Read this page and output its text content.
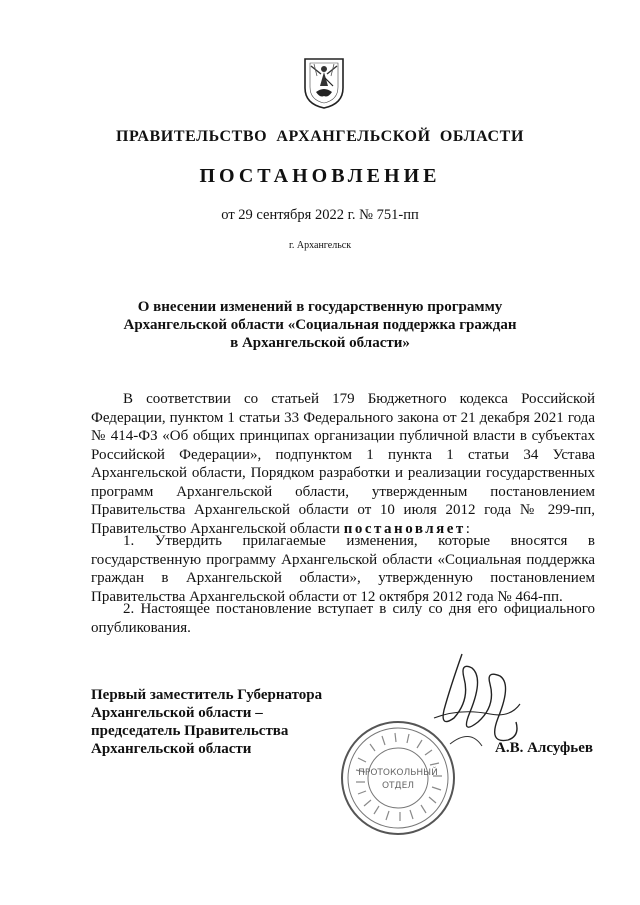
ПРАВИТЕЛЬСТВО  АРХАНГЕЛЬСКОЙ  ОБЛАСТИ
ПОСТАНОВЛЕНИЕ
от 29 сентября 2022 г. № 751-пп
г. Архангельск
О внесении изменений в государственную программу
Архангельской области «Социальная поддержка граждан
в Архангельской области»
В соответствии со статьей 179 Бюджетного кодекса Российской Федерации, пунктом 1 статьи 33 Федерального закона от 21 декабря 2021 года № 414-ФЗ «Об общих принципах организации публичной власти в субъектах Российской Федерации», подпунктом 1 пункта 1 статьи 34 Устава Архангельской области, Порядком разработки и реализации государственных программ Архангельской области, утвержденным постановлением Правительства Архангельской области от 10 июля 2012 года № 299-пп, Правительство Архангельской области постановляет:
1. Утвердить прилагаемые изменения, которые вносятся в государственную программу Архангельской области «Социальная поддержка граждан в Архангельской области», утвержденную постановлением Правительства Архангельской области от 12 октября 2012 года № 464-пп.
2. Настоящее постановление вступает в силу со дня его официального опубликования.
Первый заместитель Губернатора
Архангельской области –
председатель Правительства
Архангельской области
ПРОТОКОЛЬНЫЙ
ОТДЕЛ
А.В. Алсуфьев
